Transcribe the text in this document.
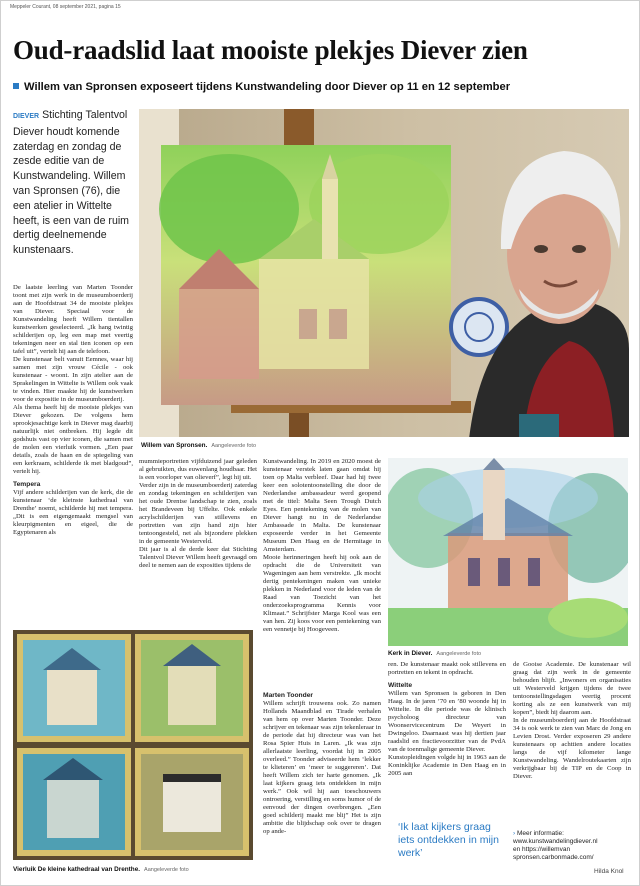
Meppeler Courant, 08 september 2021, pagina 15
Oud-raadslid laat mooiste plekjes Diever zien
Willem van Spronsen exposeert tijdens Kunstwandeling door Diever op 11 en 12 september
DIEVER Stichting Talentvol Diever houdt komende zaterdag en zondag de zesde editie van de Kunstwandeling. Willem van Spronsen (76), die een atelier in Wittelte heeft, is een van de ruim dertig deelnemende kunstenaars.
Willem van Spronsen. Aangeleverde foto
Kerk in Diever. Aangeleverde foto
Vierluik De kleine kathedraal van Drenthe. Aangeleverde foto

De laatste leerling van Marten Toonder toont met zijn werk in de museumboerderij aan de Hoofdstraat 34 de mooiste plekjes van Diever. Speciaal voor de Kunstwandeling heeft Willem tientallen kunstwerken geselecteerd. „Ik hang twintig schilderijen op, leg een map met veertig tekeningen neer en stal tien iconen op een tafel uit”, vertelt hij aan de telefoon.

De kunstenaar belt vanuit Eemnes, waar hij samen met zijn vrouw Cécile - ook kunstenaar - woont. In zijn atelier aan de Sprakelingen in Wittelte is Willem ook vaak te vinden. Hier maakte hij de kunstwerken voor de expositie in de museumboerderij.

Als thema heeft hij de mooiste plekjes van Diever gekozen. De volgens hem sprookjesachtige kerk in Diever mag daarbij natuurlijk niet ontbreken. Hij legde dit godshuis vast op vier iconen, die samen met de molen een vierluik vormen. „Een paar details, zoals de haan en de spiegeling van een kerkraam, schilderde ik met bladgoud”, vertelt hij.

Tempera

Vijf andere schilderijen van de kerk, die de kunstenaar ‘de kleinste kathedraal van Drenthe’ noemt, schilderde hij met tempera. „Dit is een eigengemaakt mengsel van kleurpigmenten en eigeel, die de Egyptenaren als

mummieportretten vijfduizend jaar geleden al gebruikten, dus euwenlang houdbaar. Het is een voorloper van olieverf”, legt hij uit.

Verder zijn in de museumboerderij zaterdag en zondag tekeningen en schilderijen van het oude Drentse landschap te zien, zoals het Brandeveen bij Uffelte. Ook enkele acrylschilderijen van stillevens en portretten van zijn hand zijn hier tentoongesteld, net als bijzondere plekken in de gemeente Westerveld.

Dit jaar is al de derde keer dat Stichting Talentvol Diever Willem heeft gevraagd om deel te nemen aan de exposities tijdens de

Kunstwandeling. In 2019 en 2020 moest de kunstenaar verstek laten gaan omdat hij toen op Malta verbleef. Daar had hij twee keer een solotentoonstelling die door de Nederlandse ambassadeur werd geopend met de titel: Malta Seen Trough Dutch Eyes. Een pentekening van de molen van Diever hangt nu in de Nederlandse Ambassade in Malta. De kunstenaar exposeerde verder in het Gemeente Museum Den Haag en de Hermitage in Amsterdam.

Mooie herinneringen heeft hij ook aan de opdracht die de Universiteit van Wageningen aan hem verstrekte. „Ik mocht dertig pentekeningen maken van unieke plekken in Nederland voor de leden van de Raad van Toezicht van het onderzoeksprogramma Kennis voor Klimaat.” Schrijfster Marga Kool was een van hen. Zij koos voor een pentekening van een vennetje bij Hoogeveen.

Marten Toonder

Willem schrijft trouwens ook. Zo namen Hollands Maandblad en Tirade verhalen van hem op over Marten Toonder. Deze schrijver en tekenaar was zijn tekenleraar in de periode dat hij directeur was van het Rosa Spier Huis in Laren. „Ik was zijn allerlaatste leerling, voordat hij in 2005 overleed.” Toonder adviseerde hem ‘lekker te klieteren’ en ‘meer te suggereren’. Dat heeft Willem zich ter harte genomen. „Ik laat kijkers graag iets ontdekken in mijn werk.” Ook wil hij aan toeschouwers ontroering, verstilling en soms humor of de eenvoud der dingen overbrengen. „Een goed schilderij maakt me blij” Het is zijn ambitie die blijdschap ook over te dragen op ande-

ren. De kunstenaar maakt ook stillevens en portretten en tekent in opdracht.

Wittelte

Willem van Spronsen is geboren in Den Haag. In de jaren ’70 en ’80 woonde hij in Wittelte. In die periode was de klinisch psycholoog directeur van Woonservicecentrum De Weyert in Dwingeloo. Daarnaast was hij dertien jaar raadslid en fractievoorzitter van de PvdA van de toenmalige gemeente Diever.

Kunstopleidingen volgde hij in 1963 aan de Koninklijke Academie in Den Haag en in 2005 aan

de Gooise Academie. De kunstenaar wil graag dat zijn werk in de gemeente behouden blijft. „Inwoners en organisaties uit Westerveld krijgen tijdens de twee tentoonstellingsdagen veertig procent korting als ze een kunstwerk van mij kopen”, biedt hij daarom aan.

In de museumboerderij aan de Hoofdstraat 34 is ook werk te zien van Marc de Jong en Levien Drost. Verder exposeren 29 andere kunstenaars op achttien andere locaties langs de vijf kilometer lange Kunstwandeling. Wandelroutekaarten zijn verkrijgbaar bij de TIP en de Coop in Diever.

‘Ik laat kijkers graag iets ontdekken in mijn werk’
› Meer informatie:
www.kunstwandelingdiever.nl
en https://willemvan
spronsen.carbonmade.com/
Hilda Knol
